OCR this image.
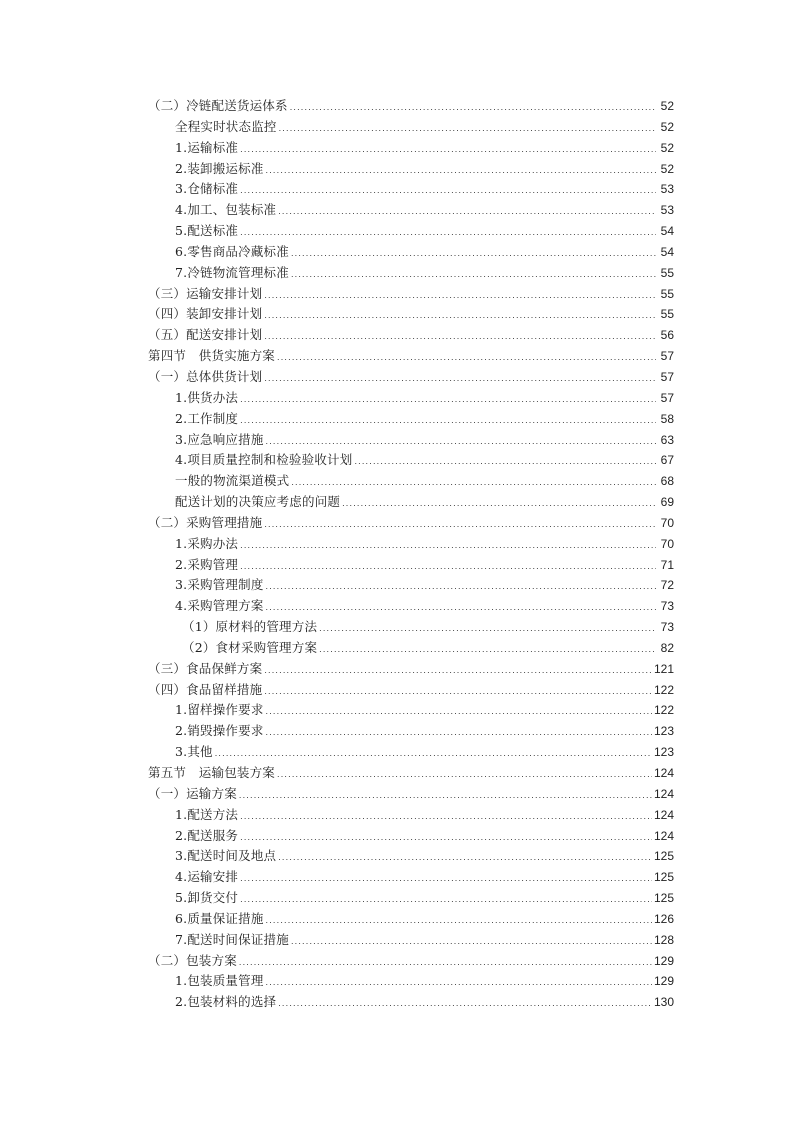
（二）冷链配送货运体系 .....	52
全程实时状态监控 .....	52
1.运输标准 .....	52
2.装卸搬运标准 .....	52
3.仓储标准 .....	53
4.加工、包装标准 .....	53
5.配送标准 .....	54
6.零售商品冷藏标准 .....	54
7.冷链物流管理标准 .....	55
（三）运输安排计划 .....	55
（四）装卸安排计划 .....	55
（五）配送安排计划 .....	56
第四节　供货实施方案 .....	57
（一）总体供货计划 .....	57
1.供货办法 .....	57
2.工作制度 .....	58
3.应急响应措施 .....	63
4.项目质量控制和检验验收计划 .....	67
一般的物流渠道模式 .....	68
配送计划的决策应考虑的问题 .....	69
（二）采购管理措施 .....	70
1.采购办法 .....	70
2.采购管理 .....	71
3.采购管理制度 .....	72
4.采购管理方案 .....	73
（1）原材料的管理方法 .....	73
（2）食材采购管理方案 .....	82
（三）食品保鲜方案 .....	121
（四）食品留样措施 .....	122
1.留样操作要求 .....	122
2.销毁操作要求 .....	123
3.其他 .....	123
第五节　运输包装方案 .....	124
（一）运输方案 .....	124
1.配送方法 .....	124
2.配送服务 .....	124
3.配送时间及地点 .....	125
4.运输安排 .....	125
5.卸货交付 .....	125
6.质量保证措施 .....	126
7.配送时间保证措施 .....	128
（二）包装方案 .....	129
1.包装质量管理 .....	129
2.包装材料的选择 .....	130
